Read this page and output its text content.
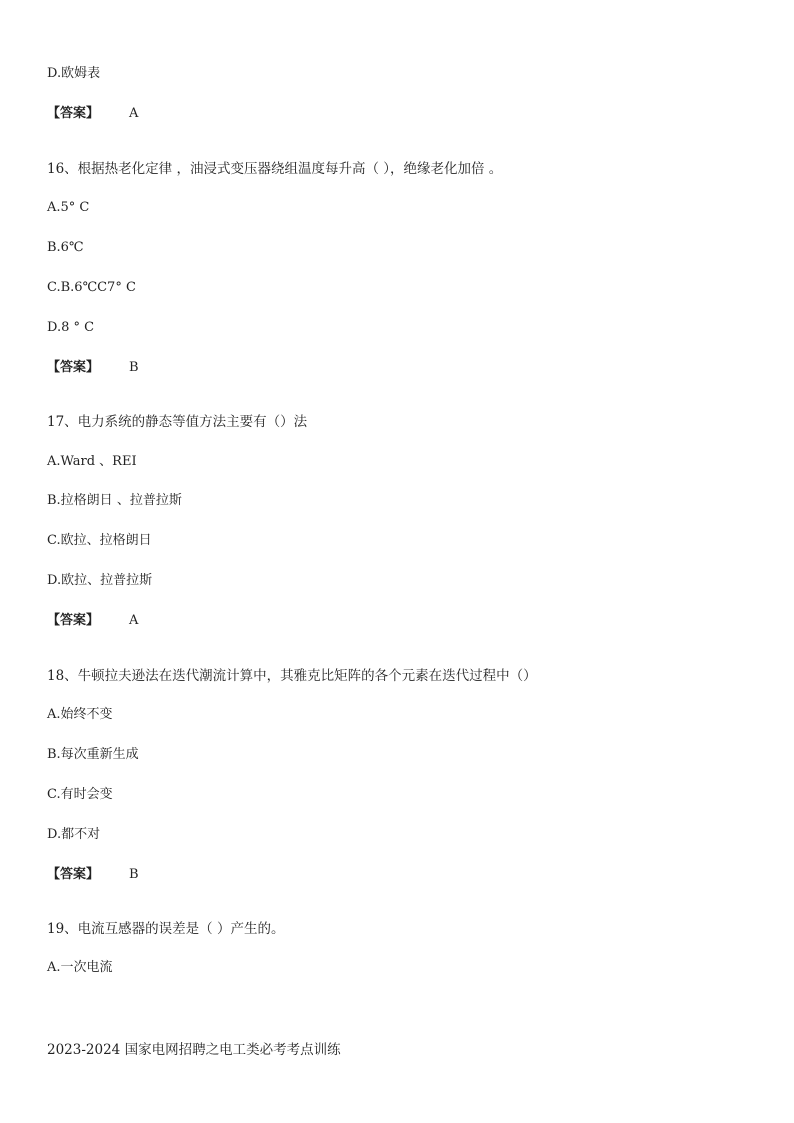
D.欧姆表
【答案】 A
16、根据热老化定律 ，油浸式变压器绕组温度每升高（ ），绝缘老化加倍 。
A.5° C
B.6℃
C.B.6℃C7° C
D.8 ° C
【答案】 B
17、电力系统的静态等值方法主要有（）法
A.Ward 、REI
B.拉格朗日 、拉普拉斯
C.欧拉、拉格朗日
D.欧拉、拉普拉斯
【答案】 A
18、牛顿拉夫逊法在迭代潮流计算中，其雅克比矩阵的各个元素在迭代过程中（）
A.始终不变
B.每次重新生成
C.有时会变
D.都不对
【答案】 B
19、电流互感器的误差是（ ）产生的。
A.一次电流
2023-2024 国家电网招聘之电工类必考考点训练
